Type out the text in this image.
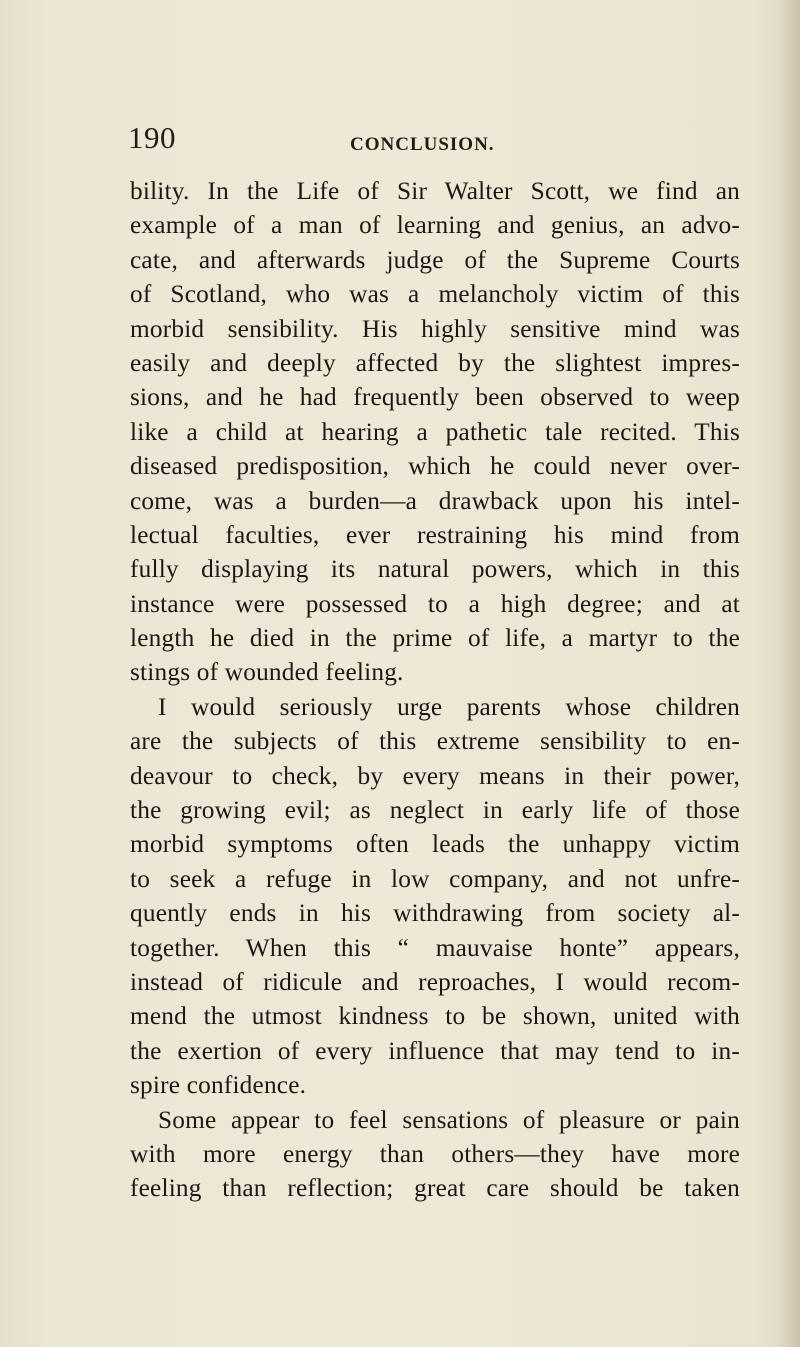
190	CONCLUSION.
bility. In the Life of Sir Walter Scott, we find an
example of a man of learning and genius, an advo-
cate, and afterwards judge of the Supreme Courts
of Scotland, who was a melancholy victim of this
morbid sensibility. His highly sensitive mind was
easily and deeply affected by the slightest impres-
sions, and he had frequently been observed to weep
like a child at hearing a pathetic tale recited. This
diseased predisposition, which he could never over-
come, was a burden—a drawback upon his intel-
lectual faculties, ever restraining his mind from
fully displaying its natural powers, which in this
instance were possessed to a high degree; and at
length he died in the prime of life, a martyr to the
stings of wounded feeling.
I would seriously urge parents whose children
are the subjects of this extreme sensibility to en-
deavour to check, by every means in their power,
the growing evil; as neglect in early life of those
morbid symptoms often leads the unhappy victim
to seek a refuge in low company, and not unfre-
quently ends in his withdrawing from society al-
together. When this “ mauvaise honte” appears,
instead of ridicule and reproaches, I would recom-
mend the utmost kindness to be shown, united with
the exertion of every influence that may tend to in-
spire confidence.
Some appear to feel sensations of pleasure or pain
with more energy than others—they have more
feeling than reflection; great care should be taken
